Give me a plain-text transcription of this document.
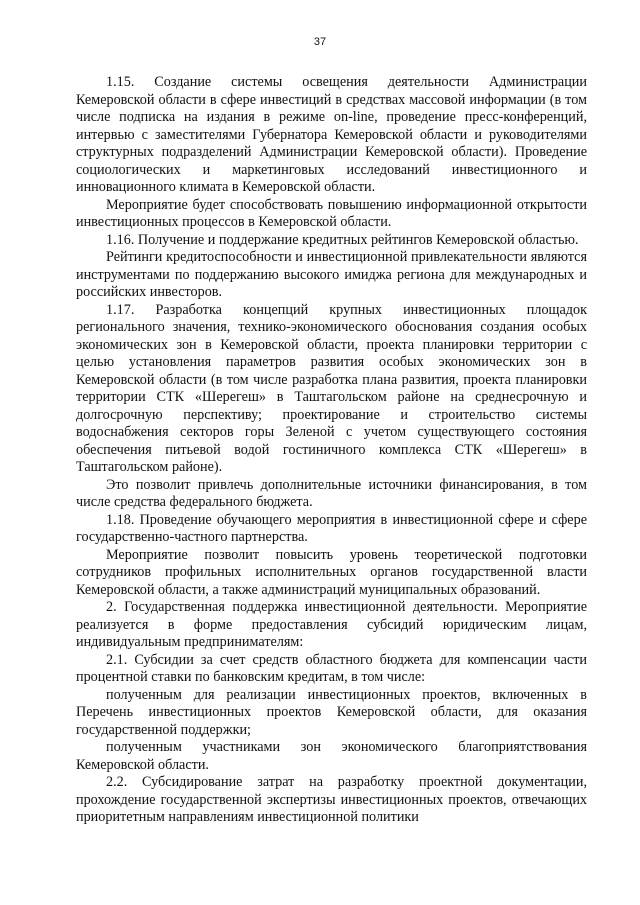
37

1.15. Создание системы освещения деятельности Администрации Кемеровской области в сфере инвестиций в средствах массовой информации (в том числе подписка на издания в режиме on-line, проведение пресс-конференций, интервью с заместителями Губернатора Кемеровской области и руководителями структурных подразделений Администрации Кемеровской области). Проведение социологических и маркетинговых исследований инвестиционного и инновационного климата в Кемеровской области.

Мероприятие будет способствовать повышению информационной открытости инвестиционных процессов в Кемеровской области.

1.16. Получение и поддержание кредитных рейтингов Кемеровской областью.

Рейтинги кредитоспособности и инвестиционной привлекательности являются инструментами по поддержанию высокого имиджа региона для международных и российских инвесторов.

1.17. Разработка концепций крупных инвестиционных площадок регионального значения, технико-экономического обоснования создания особых экономических зон в Кемеровской области, проекта планировки территории с целью установления параметров развития особых экономических зон в Кемеровской области (в том числе разработка плана развития, проекта планировки территории СТК «Шерегеш» в Таштагольском районе на среднесрочную и долгосрочную перспективу; проектирование и строительство системы водоснабжения секторов горы Зеленой с учетом существующего состояния обеспечения питьевой водой гостиничного комплекса СТК «Шерегеш» в Таштагольском районе).

Это позволит привлечь дополнительные источники финансирования, в том числе средства федерального бюджета.

1.18. Проведение обучающего мероприятия в инвестиционной сфере и сфере государственно-частного партнерства.

Мероприятие позволит повысить уровень теоретической подготовки сотрудников профильных исполнительных органов государственной власти Кемеровской области, а также администраций муниципальных образований.

2. Государственная поддержка инвестиционной деятельности. Мероприятие реализуется в форме предоставления субсидий юридическим лицам, индивидуальным предпринимателям:

2.1. Субсидии за счет средств областного бюджета для компенсации части процентной ставки по банковским кредитам, в том числе:

полученным для реализации инвестиционных проектов, включенных в Перечень инвестиционных проектов Кемеровской области, для оказания государственной поддержки;

полученным участниками зон экономического благоприятствования Кемеровской области.

2.2. Субсидирование затрат на разработку проектной документации, прохождение государственной экспертизы инвестиционных проектов, отвечающих приоритетным направлениям инвестиционной политики
